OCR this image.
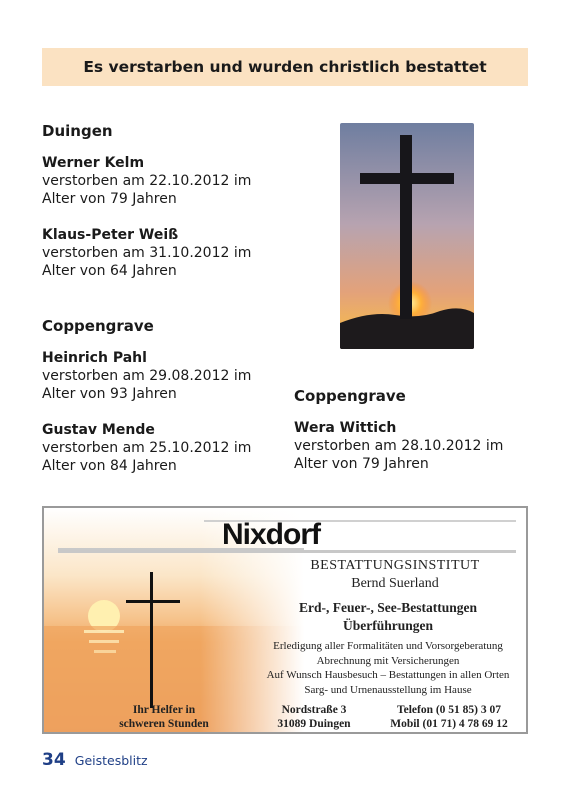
Es verstarben und wurden christlich bestattet
Duingen
Werner Kelm
verstorben am 22.10.2012 im Alter von 79 Jahren
Klaus-Peter Weiß
verstorben am 31.10.2012 im Alter von 64 Jahren
Coppengrave
Heinrich Pahl
verstorben am 29.08.2012 im Alter von 93 Jahren
Gustav Mende
verstorben am 25.10.2012 im Alter von 84 Jahren
Coppengrave
Wera Wittich
verstorben am 28.10.2012 im Alter von 79 Jahren
Nixdorf
BESTATTUNGSINSTITUT
Bernd Suerland
Erd-, Feuer-, See-Bestattungen
Überführungen
Erledigung aller Formalitäten und Vorsorgeberatung
Abrechnung mit Versicherungen
Auf Wunsch Hausbesuch – Bestattungen in allen Orten
Sarg- und Urnenausstellung im Hause
Ihr Helfer in
schweren Stunden
Nordstraße 3
31089 Duingen
Telefon (0 51 85) 3 07
Mobil (01 71) 4 78 69 12
34 Geistesblitz
